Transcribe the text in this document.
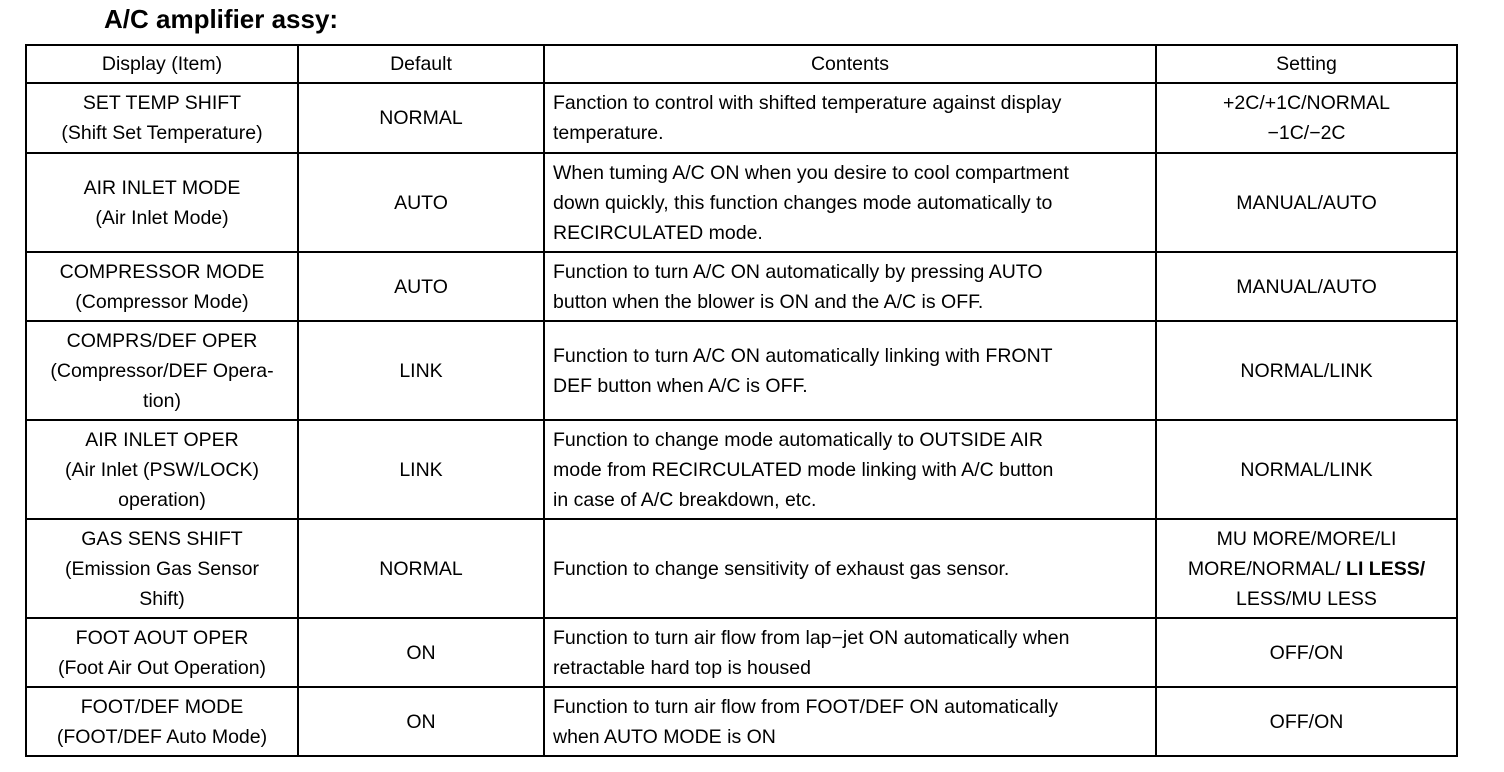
A/C amplifier assy:
Display (Item)	Default	Contents	Setting

SET TEMP SHIFT
(Shift Set Temperature)	NORMAL	Fanction to control with shifted temperature against display
temperature.	+2C/+1C/NORMAL
−1C/−2C

AIR INLET MODE
(Air Inlet Mode)	AUTO	When tuming A/C ON when you desire to cool compartment
down quickly, this function changes mode automatically to
RECIRCULATED mode.	MANUAL/AUTO

COMPRESSOR MODE
(Compressor Mode)	AUTO	Function to turn A/C ON automatically by pressing AUTO
button when the blower is ON and the A/C is OFF.	MANUAL/AUTO

COMPRS/DEF OPER
(Compressor/DEF Opera-
tion)	LINK	Function to turn A/C ON automatically linking with FRONT
DEF button when A/C is OFF.	NORMAL/LINK

AIR INLET OPER
(Air Inlet (PSW/LOCK)
operation)	LINK	Function to change mode automatically to OUTSIDE AIR
mode from RECIRCULATED mode linking with A/C button
in case of A/C breakdown, etc.	NORMAL/LINK

GAS SENS SHIFT
(Emission Gas Sensor
Shift)	NORMAL	Function to change sensitivity of exhaust gas sensor.	MU MORE/MORE/LI
MORE/NORMAL/ LI LESS/
LESS/MU LESS

FOOT AOUT OPER
(Foot Air Out Operation)	ON	Function to turn air flow from lap−jet ON automatically when
retractable hard top is housed	OFF/ON

FOOT/DEF MODE
(FOOT/DEF Auto Mode)	ON	Function to turn air flow from FOOT/DEF ON automatically
when AUTO MODE is ON	OFF/ON
